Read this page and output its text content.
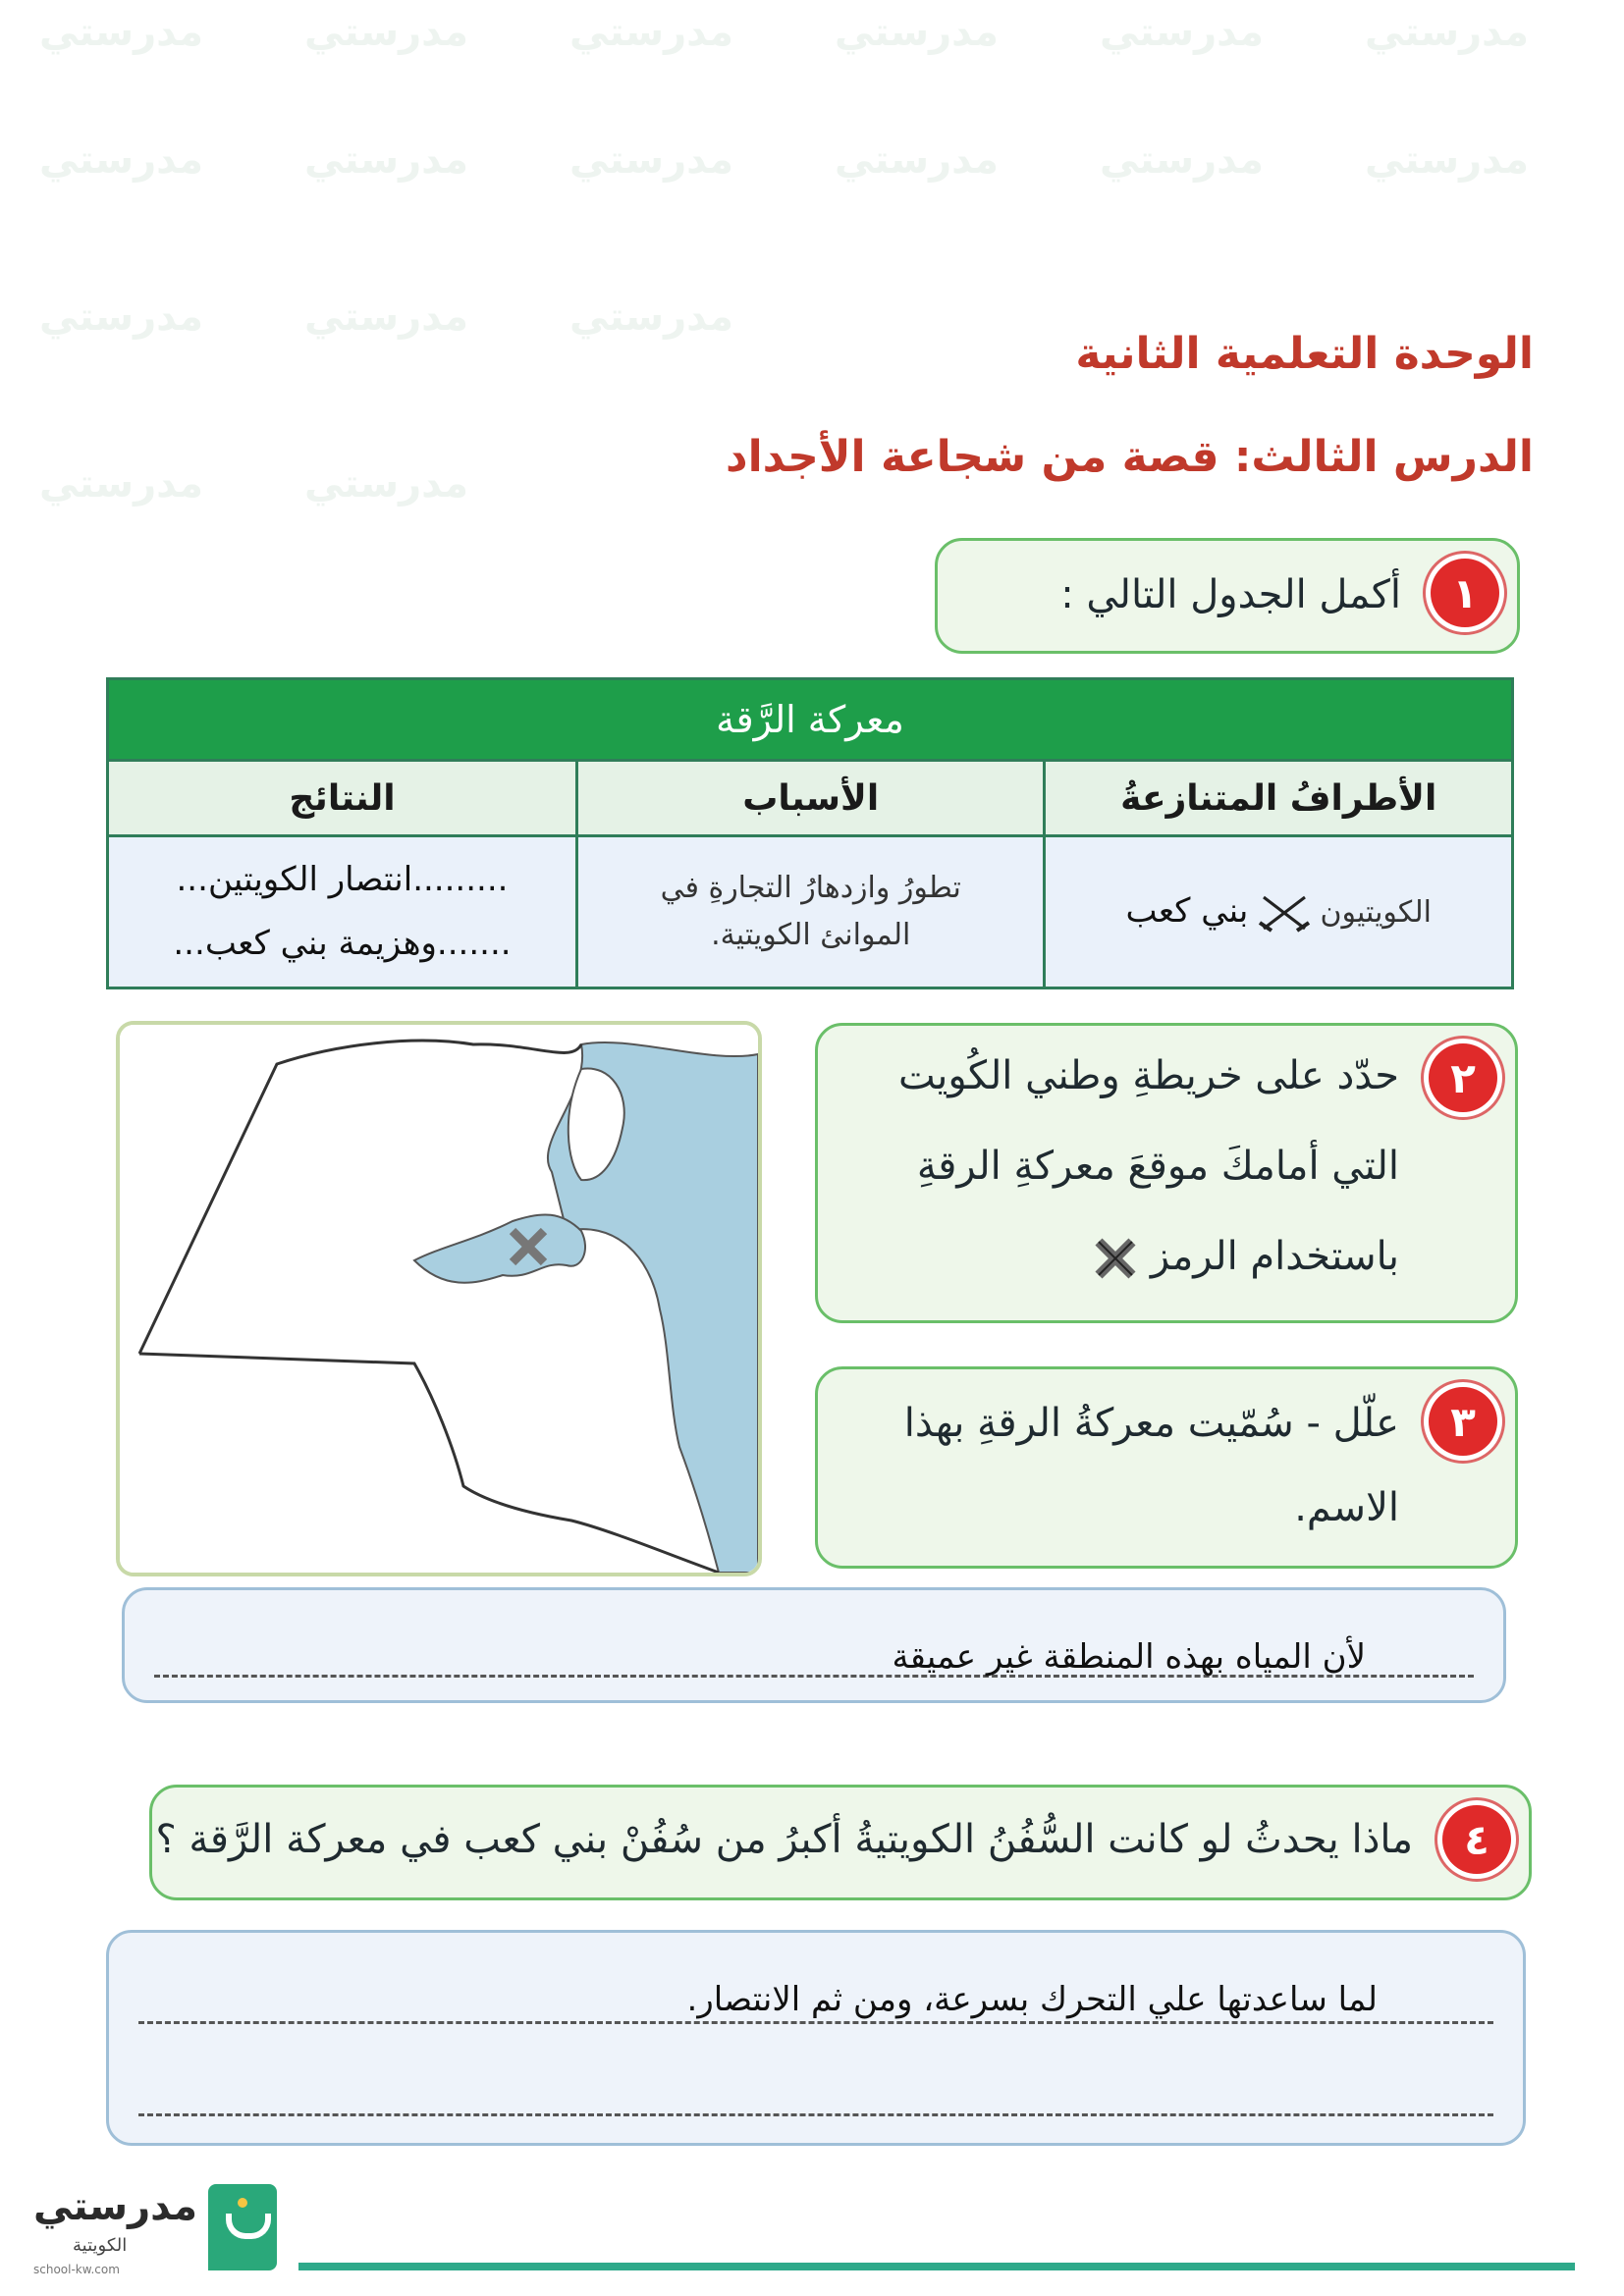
مدرستي	مدرستي	مدرستي	مدرستي	مدرستي	مدرستي
مدرستي	مدرستي	مدرستي	مدرستي	مدرستي	مدرستي
مدرستي	مدرستي	مدرستي
مدرستي	مدرستي
الوحدة التعلمية الثانية
الدرس الثالث: قصة من شجاعة الأجداد
١
أكمل الجدول التالي :
معركة الرَّقة		
الأطرافُ المتنازعةُ	الأسباب	النتائج
الكويتيون  بني كعب	تطورُ وازدهارُ التجارةِ في الموانئ الكويتية.	.........انتصار الكويتين...
.......وهزيمة بني كعب...
٢
حدّد على خريطةِ وطني الكُويت
التي أمامكَ موقعَ معركةِ الرقةِ
باستخدام الرمز
٣
علّل - سُمّيت معركةُ الرقةِ بهذا
الاسم.
لأن المياه بهذه المنطقة غير عميقة
٤
ماذا يحدثُ لو كانت السُّفُنُ الكويتيةُ أكبرُ من سُفُنْ بني كعب في معركة الرَّقة ؟
لما ساعدتها علي التحرك بسرعة، ومن ثم الانتصار.
مدرستي
الكويتية
school-kw.com
